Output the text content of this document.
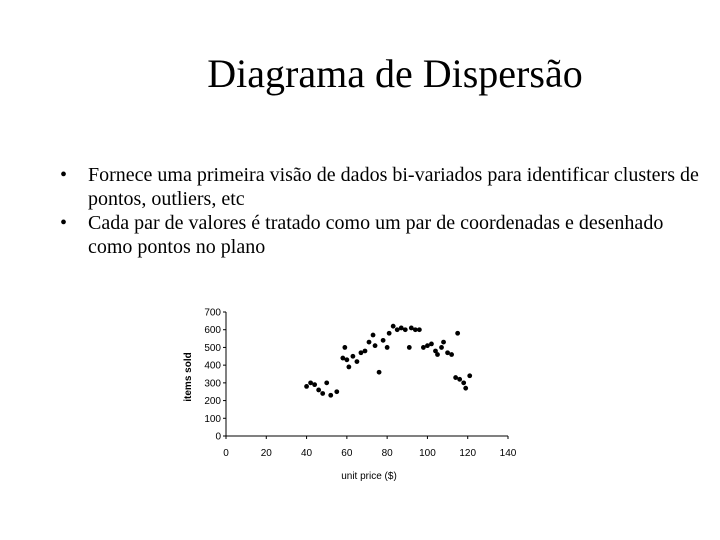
Diagrama de Dispersão
• Fornece uma primeira visão de dados bi-variados para identificar clusters de pontos, outliers, etc
• Cada par de valores é tratado como um par de coordenadas e desenhado como pontos no plano
0
100
200
300
400
500
600
700
0	20	40	60	80	100 120 140
items sold
unit price ($)
